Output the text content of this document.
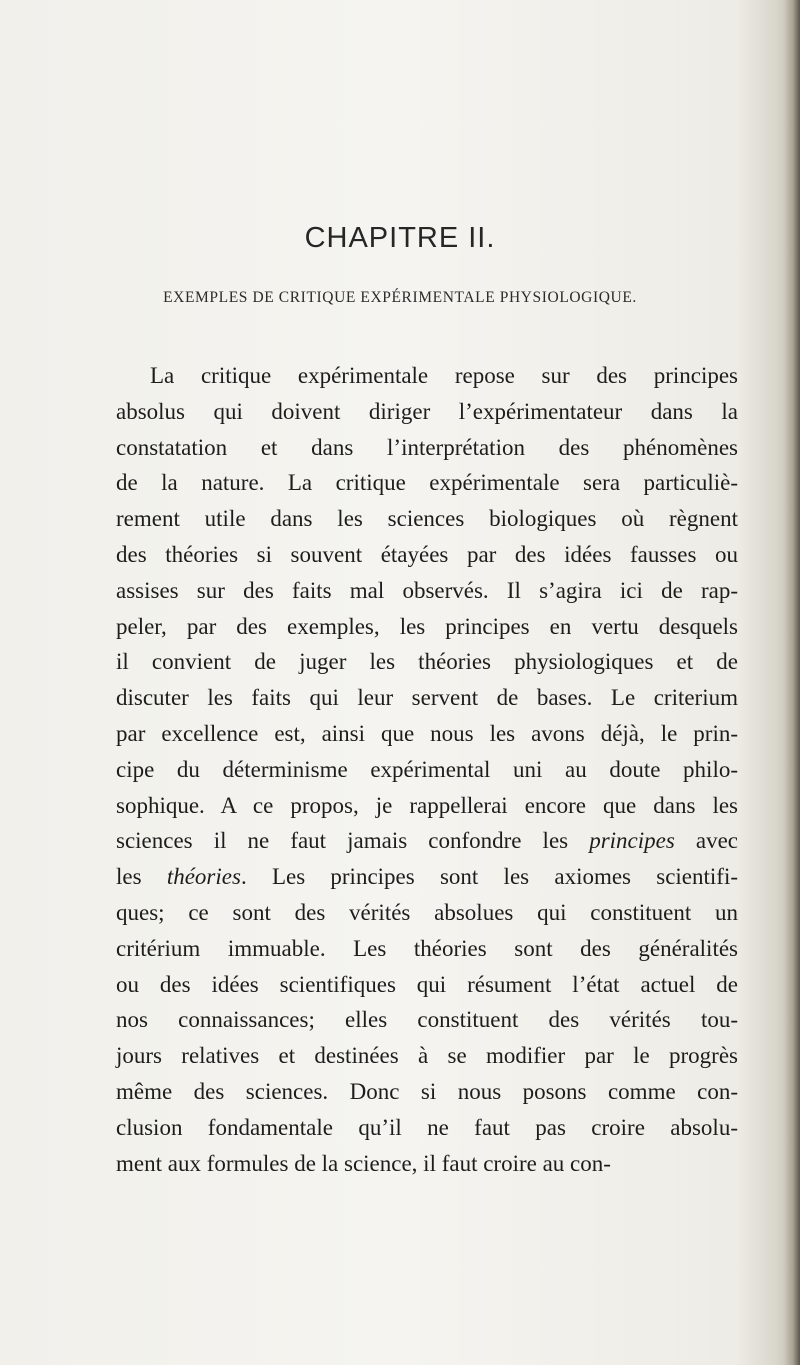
CHAPITRE II.
EXEMPLES DE CRITIQUE EXPÉRIMENTALE PHYSIOLOGIQUE.
La critique expérimentale repose sur des principes
absolus qui doivent diriger l’expérimentateur dans la
constatation et dans l’interprétation des phénomènes
de la nature. La critique expérimentale sera particuliè-
rement utile dans les sciences biologiques où règnent
des théories si souvent étayées par des idées fausses ou
assises sur des faits mal observés. Il s’agira ici de rap-
peler, par des exemples, les principes en vertu desquels
il convient de juger les théories physiologiques et de
discuter les faits qui leur servent de bases. Le criterium
par excellence est, ainsi que nous les avons déjà, le prin-
cipe du déterminisme expérimental uni au doute philo-
sophique. A ce propos, je rappellerai encore que dans les
sciences il ne faut jamais confondre les principes avec
les théories. Les principes sont les axiomes scientifi-
ques; ce sont des vérités absolues qui constituent un
critérium immuable. Les théories sont des généralités
ou des idées scientifiques qui résument l’état actuel de
nos connaissances; elles constituent des vérités tou-
jours relatives et destinées à se modifier par le progrès
même des sciences. Donc si nous posons comme con-
clusion fondamentale qu’il ne faut pas croire absolu-
ment aux formules de la science, il faut croire au con-
